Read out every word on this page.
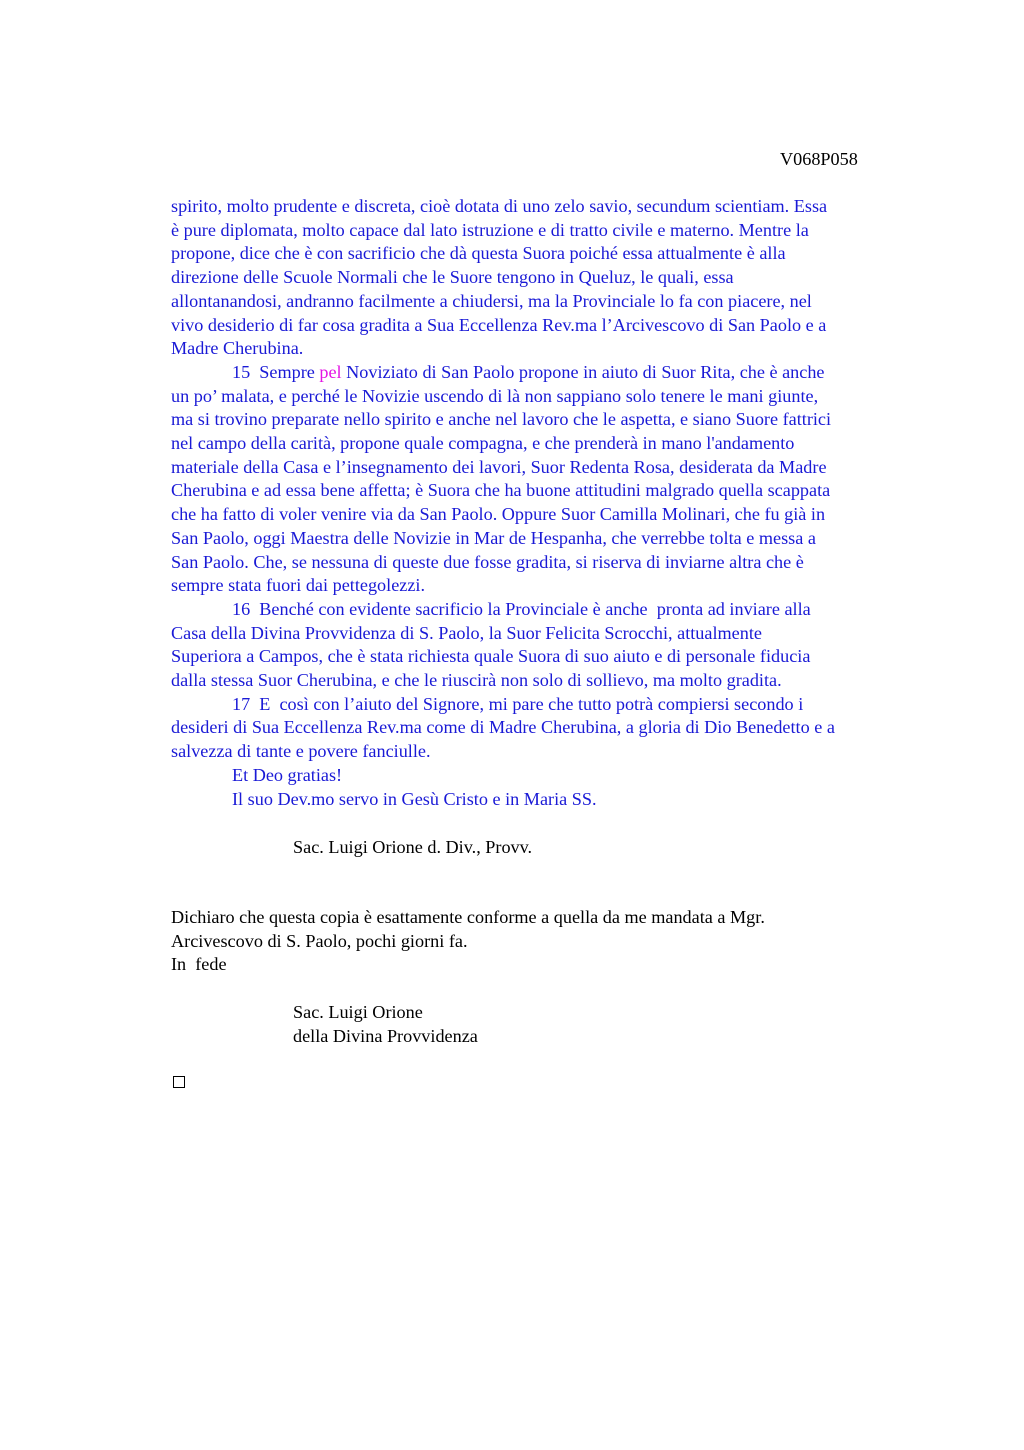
V068P058

spirito, molto prudente e discreta, cioè dotata di uno zelo savio, secundum scientiam. Essa

è pure diplomata, molto capace dal lato istruzione e di tratto civile e materno. Mentre la

propone, dice che è con sacrificio che dà questa Suora poiché essa attualmente è alla

direzione delle Scuole Normali che le Suore tengono in Queluz, le quali, essa

allontanandosi, andranno facilmente a chiudersi, ma la Provinciale lo fa con piacere, nel

vivo desiderio di far cosa gradita a Sua Eccellenza Rev.ma l’Arcivescovo di San Paolo e a

Madre Cherubina.

15  Sempre pel Noviziato di San Paolo propone in aiuto di Suor Rita, che è anche

un po’ malata, e perché le Novizie uscendo di là non sappiano solo tenere le mani giunte,

ma si trovino preparate nello spirito e anche nel lavoro che le aspetta, e siano Suore fattrici

nel campo della carità, propone quale compagna, e che prenderà in mano l'andamento

materiale della Casa e l’insegnamento dei lavori, Suor Redenta Rosa, desiderata da Madre

Cherubina e ad essa bene affetta; è Suora che ha buone attitudini malgrado quella scappata

che ha fatto di voler venire via da San Paolo. Oppure Suor Camilla Molinari, che fu già in

San Paolo, oggi Maestra delle Novizie in Mar de Hespanha, che verrebbe tolta e messa a

San Paolo. Che, se nessuna di queste due fosse gradita, si riserva di inviarne altra che è

sempre stata fuori dai pettegolezzi.

16  Benché con evidente sacrificio la Provinciale è anche  pronta ad inviare alla

Casa della Divina Provvidenza di S. Paolo, la Suor Felicita Scrocchi, attualmente

Superiora a Campos, che è stata richiesta quale Suora di suo aiuto e di personale fiducia

dalla stessa Suor Cherubina, e che le riuscirà non solo di sollievo, ma molto gradita.

17  E  così con l’aiuto del Signore, mi pare che tutto potrà compiersi secondo i

desideri di Sua Eccellenza Rev.ma come di Madre Cherubina, a gloria di Dio Benedetto e a

salvezza di tante e povere fanciulle.

Et Deo gratias!

Il suo Dev.mo servo in Gesù Cristo e in Maria SS.

Sac. Luigi Orione d. Div., Provv.

Dichiaro che questa copia è esattamente conforme a quella da me mandata a Mgr.

Arcivescovo di S. Paolo, pochi giorni fa.

In  fede

Sac. Luigi Orione

della Divina Provvidenza
